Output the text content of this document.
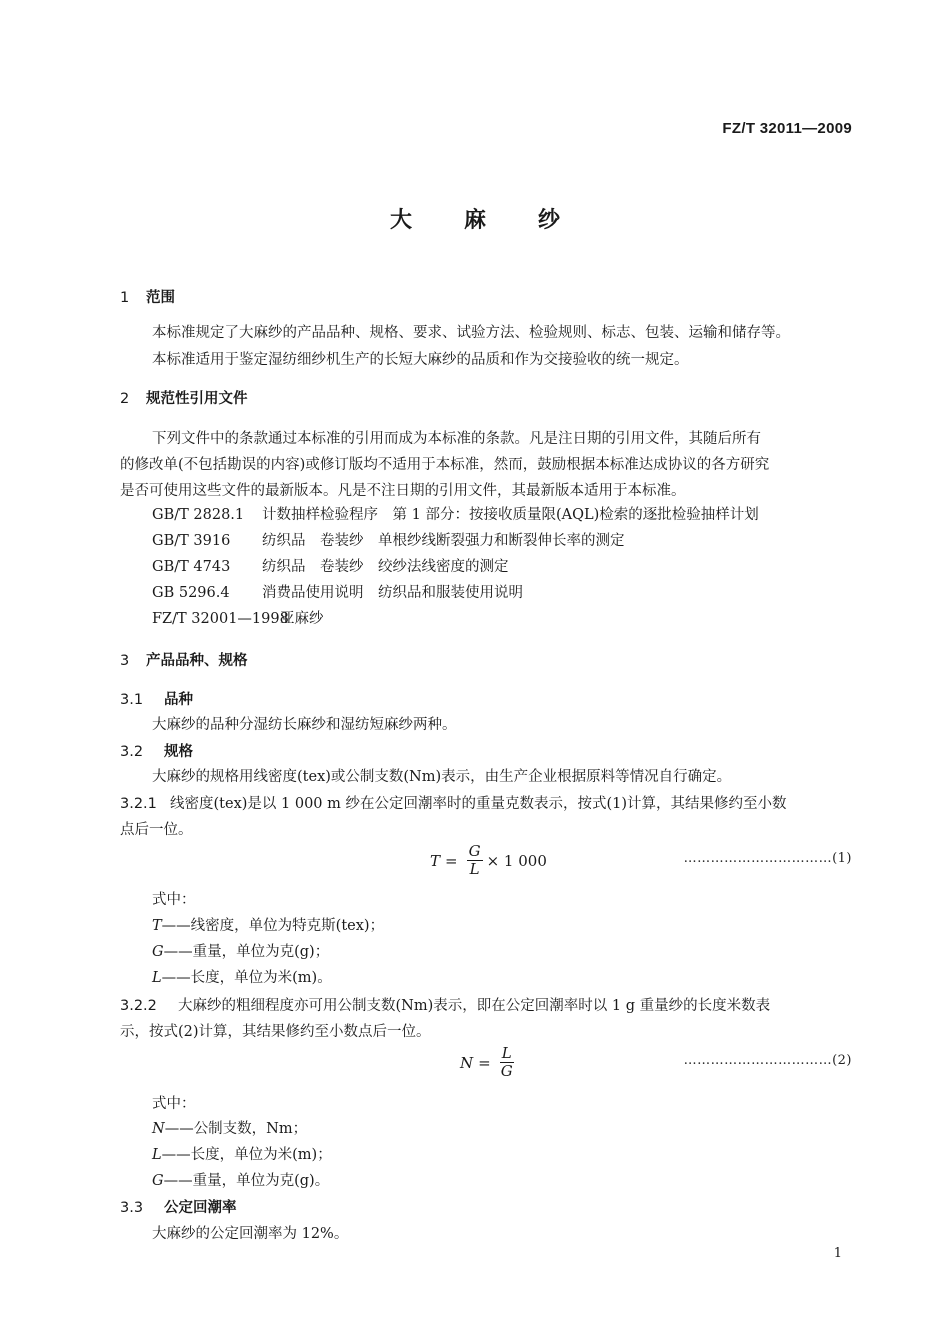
FZ/T 32011—2009
大麻纱
1 范围
本标准规定了大麻纱的产品品种、规格、要求、试验方法、检验规则、标志、包装、运输和储存等。
本标准适用于鉴定湿纺细纱机生产的长短大麻纱的品质和作为交接验收的统一规定。
2 规范性引用文件
下列文件中的条款通过本标准的引用而成为本标准的条款。凡是注日期的引用文件，其随后所有
的修改单(不包括勘误的内容)或修订版均不适用于本标准，然而，鼓励根据本标准达成协议的各方研究
是否可使用这些文件的最新版本。凡是不注日期的引用文件，其最新版本适用于本标准。
GB/T 2828.1 计数抽样检验程序　第 1 部分：按接收质量限(AQL)检索的逐批检验抽样计划
GB/T 3916 纺织品　卷装纱　单根纱线断裂强力和断裂伸长率的测定
GB/T 4743 纺织品　卷装纱　绞纱法线密度的测定
GB 5296.4 消费品使用说明　纺织品和服装使用说明
FZ/T 32001—1998亚麻纱
3 产品品种、规格
3.1 品种
大麻纱的品种分湿纺长麻纱和湿纺短麻纱两种。
3.2 规格
大麻纱的规格用线密度(tex)或公制支数(Nm)表示，由生产企业根据原料等情况自行确定。
3.2.1 线密度(tex)是以 1 000 m 纱在公定回潮率时的重量克数表示，按式(1)计算，其结果修约至小数
点后一位。
$T = \frac{G}{L} \times 1$ 000	……………………………(1)
式中：
T——线密度，单位为特克斯(tex)；
G——重量，单位为克(g)；
L——长度，单位为米(m)。
3.2.2 大麻纱的粗细程度亦可用公制支数(Nm)表示，即在公定回潮率时以 1 g 重量纱的长度米数表
示，按式(2)计算，其结果修约至小数点后一位。
$N = \frac{L}{G}$	……………………………(2)
式中：
N——公制支数，Nm；
L——长度，单位为米(m)；
G——重量，单位为克(g)。
3.3 公定回潮率
大麻纱的公定回潮率为 12%。
1
